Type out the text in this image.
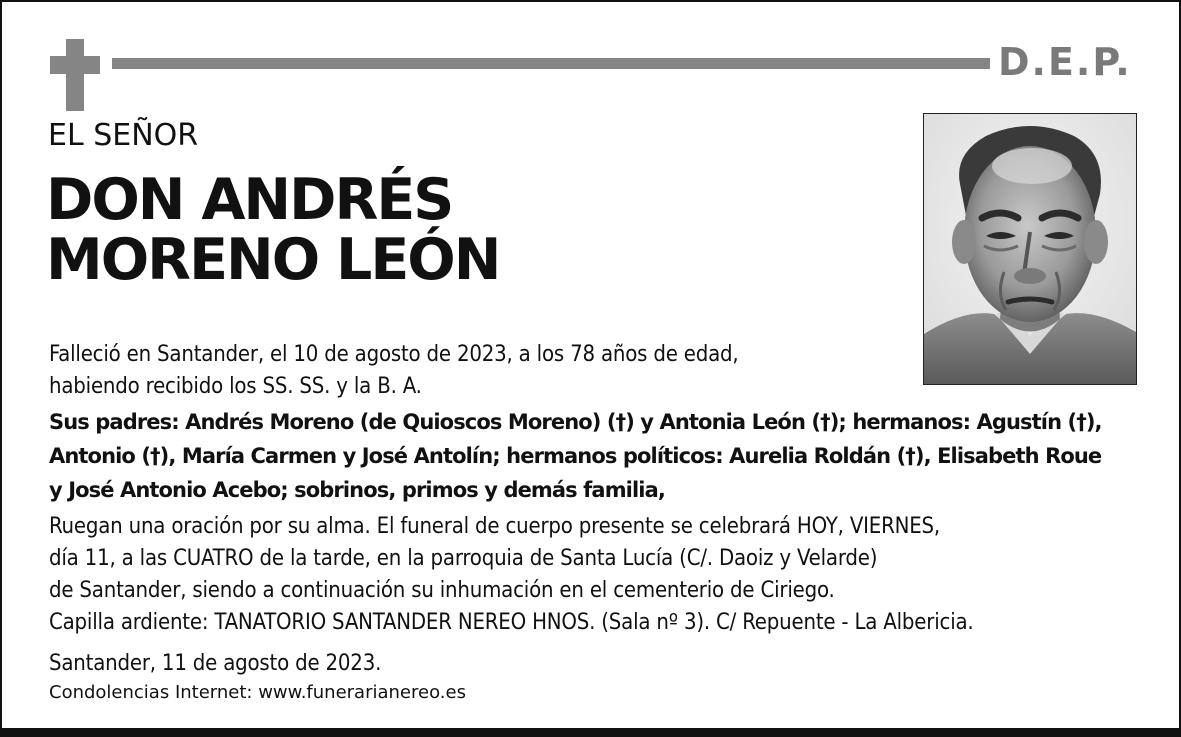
D.E.P.
EL SEÑOR
DON ANDRÉS
MORENO LEÓN
Falleció en Santander, el 10 de agosto de 2023, a los 78 años de edad,
habiendo recibido los SS. SS. y la B. A.
Sus padres: Andrés Moreno (de Quioscos Moreno) (†) y Antonia León (†); hermanos: Agustín (†),
Antonio (†), María Carmen y José Antolín; hermanos políticos: Aurelia Roldán (†), Elisabeth Roue
y José Antonio Acebo; sobrinos, primos y demás familia,
Ruegan una oración por su alma. El funeral de cuerpo presente se celebrará HOY, VIERNES,
día 11, a las CUATRO de la tarde, en la parroquia de Santa Lucía (C/. Daoiz y Velarde)
de Santander, siendo a continuación su inhumación en el cementerio de Ciriego.
Capilla ardiente: TANATORIO SANTANDER NEREO HNOS. (Sala nº 3). C/ Repuente - La Albericia.
Santander, 11 de agosto de 2023.
Condolencias Internet: www.funerarianereo.es
